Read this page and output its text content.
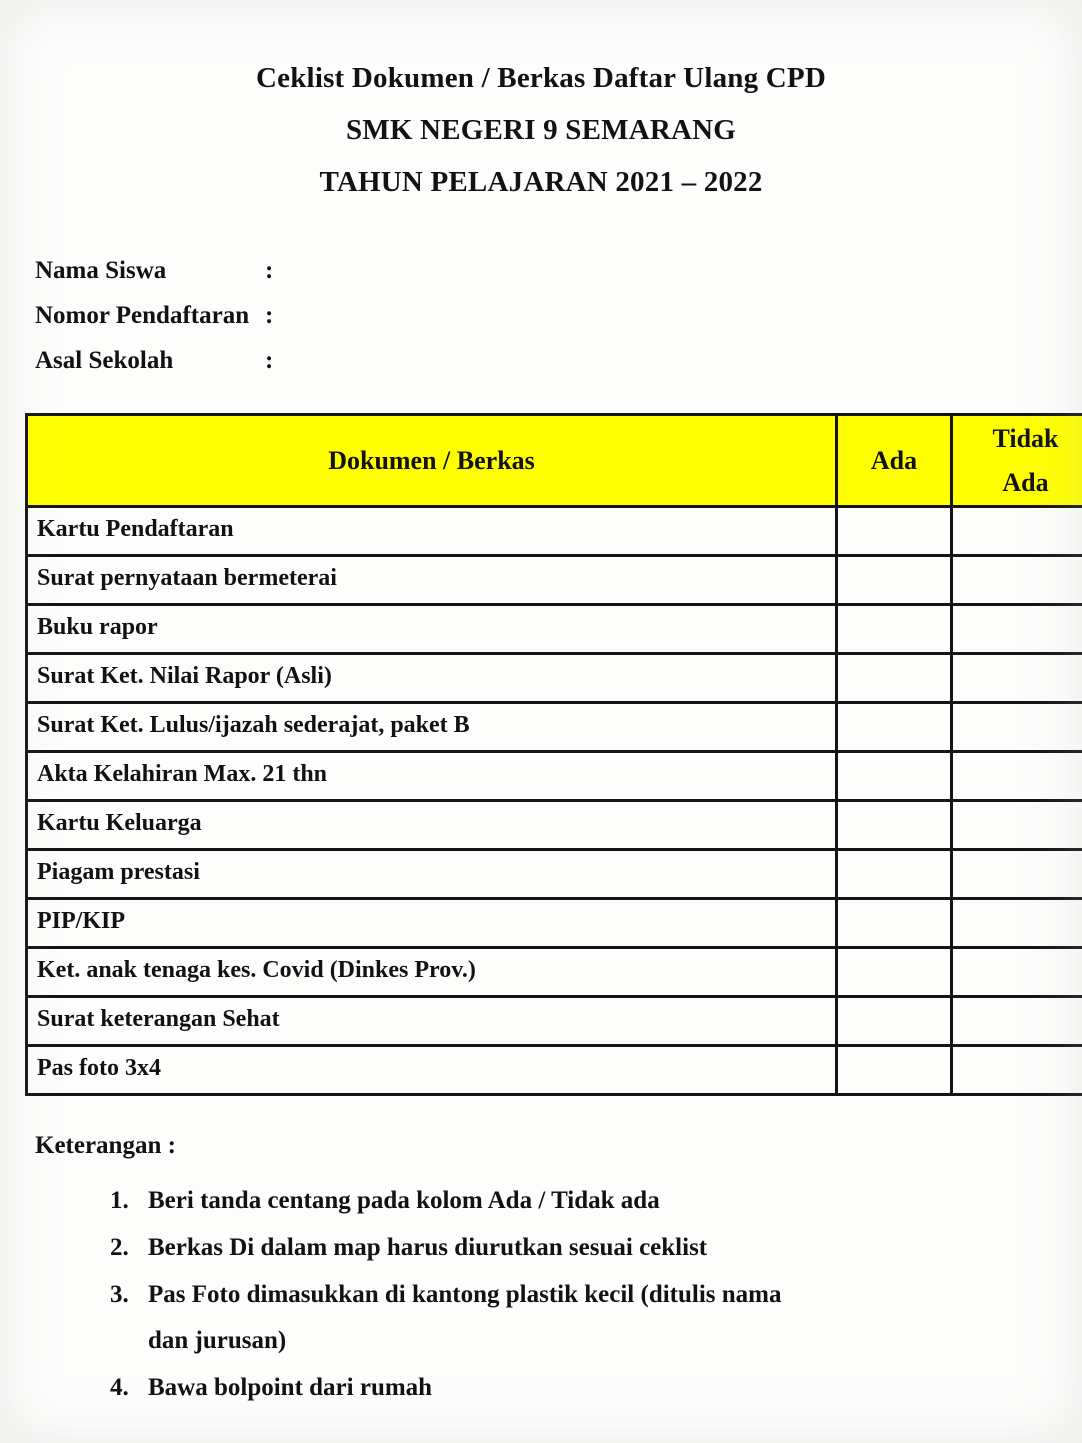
Ceklist Dokumen / Berkas Daftar Ulang CPD
SMK NEGERI 9 SEMARANG
TAHUN PELAJARAN 2021 – 2022
Nama Siswa	:
Nomor Pendaftaran :
Asal Sekolah	:
Dokumen / Berkas	Ada	Tidak Ada
Kartu Pendaftaran		
Surat pernyataan bermeterai		
Buku rapor		
Surat Ket. Nilai Rapor (Asli)		
Surat Ket. Lulus/ijazah sederajat, paket B		
Akta Kelahiran Max. 21 thn		
Kartu Keluarga		
Piagam prestasi		
PIP/KIP		
Ket. anak tenaga kes. Covid (Dinkes Prov.)		
Surat keterangan Sehat		
Pas foto 3x4		
Keterangan :
Beri tanda centang pada kolom Ada / Tidak ada
Berkas Di dalam map harus diurutkan sesuai ceklist
Pas Foto dimasukkan di kantong plastik kecil (ditulis nama dan jurusan)
Bawa bolpoint dari rumah
